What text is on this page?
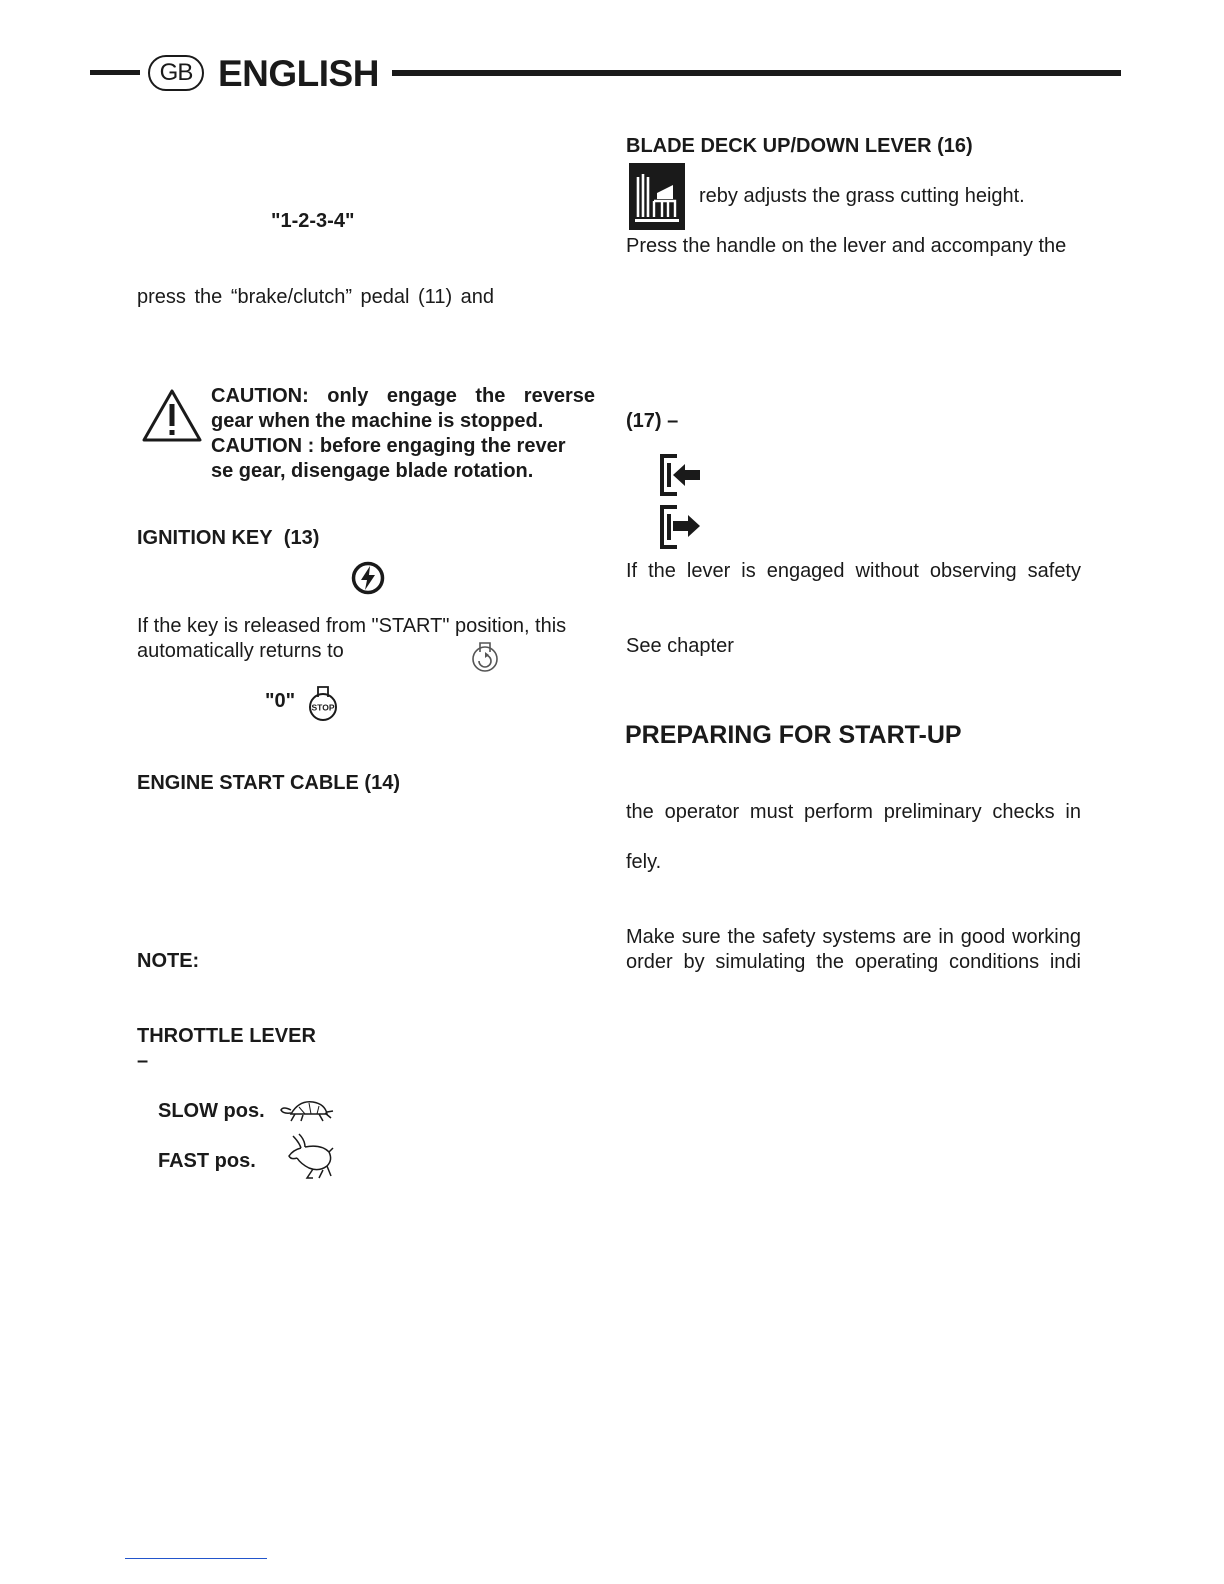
GB ENGLISH
"1-2-3-4"
press the “brake/clutch” pedal (11) and
CAUTION: only engage the reverse
gear when the machine is stopped.
CAUTION : before engaging the rever
se gear, disengage blade rotation.
IGNITION KEY (13)
If the key is released from "START" position, this
automatically returns to
"0" STOP
ENGINE START CABLE (14)
NOTE:
THROTTLE LEVER
–
SLOW pos.
FAST pos.
BLADE DECK UP/DOWN LEVER (16)
reby adjusts the grass cutting height.
Press the handle on the lever and accompany the
(17) –
If the lever is engaged without observing safety
See chapter
PREPARING FOR START-UP
the operator must perform preliminary checks in
fely.
Make sure the safety systems are in good working
order by simulating the operating conditions indi
